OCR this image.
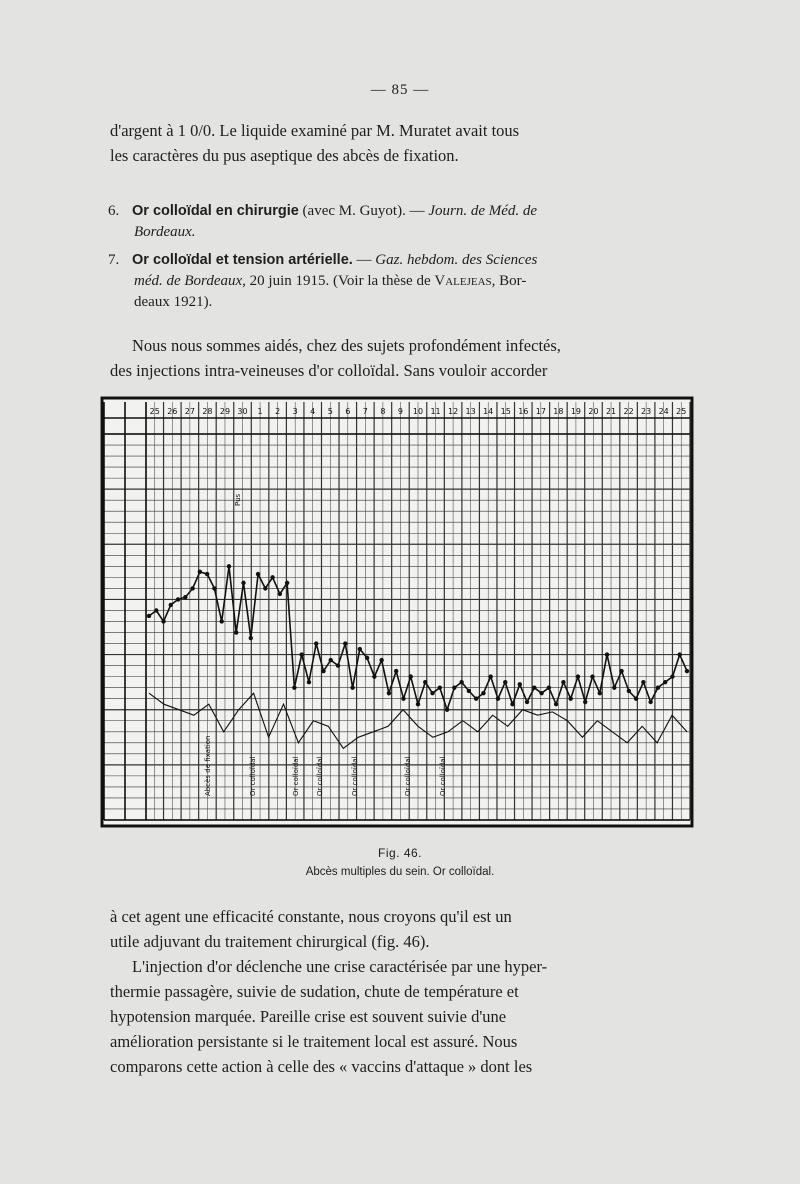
— 85 —
d'argent à 1 0/0. Le liquide examiné par M. Muratet avait tous
les caractères du pus aseptique des abcès de fixation.
6. Or colloïdal en chirurgie (avec M. Guyot). — Journ. de Méd. de
Bordeaux.
7. Or colloïdal et tension artérielle. — Gaz. hebdom. des Sciences
méd. de Bordeaux, 20 juin 1915. (Voir la thèse de Valejeas, Bor-
deaux 1921).
Nous nous sommes aidés, chez des sujets profondément infectés,
des injections intra-veineuses d'or colloïdal. Sans vouloir accorder
25 26 27 28 29 30 1 2 3 4 5 6 7 8 9 10 11 12 13 14 15 16 17 18 19 20 21 22 23 24 25
Abcès de fixation
Pus
Or colloïdal	Or colloïdal Or colloïdal	Or colloïdal	Or colloïdal	Or colloïdal
Fig. 46.
Abcès multiples du sein. Or colloïdal.
à cet agent une efficacité constante, nous croyons qu'il est un
utile adjuvant du traitement chirurgical (fig. 46).
L'injection d'or déclenche une crise caractérisée par une hyper-
thermie passagère, suivie de sudation, chute de température et
hypotension marquée. Pareille crise est souvent suivie d'une
amélioration persistante si le traitement local est assuré. Nous
comparons cette action à celle des « vaccins d'attaque » dont les
